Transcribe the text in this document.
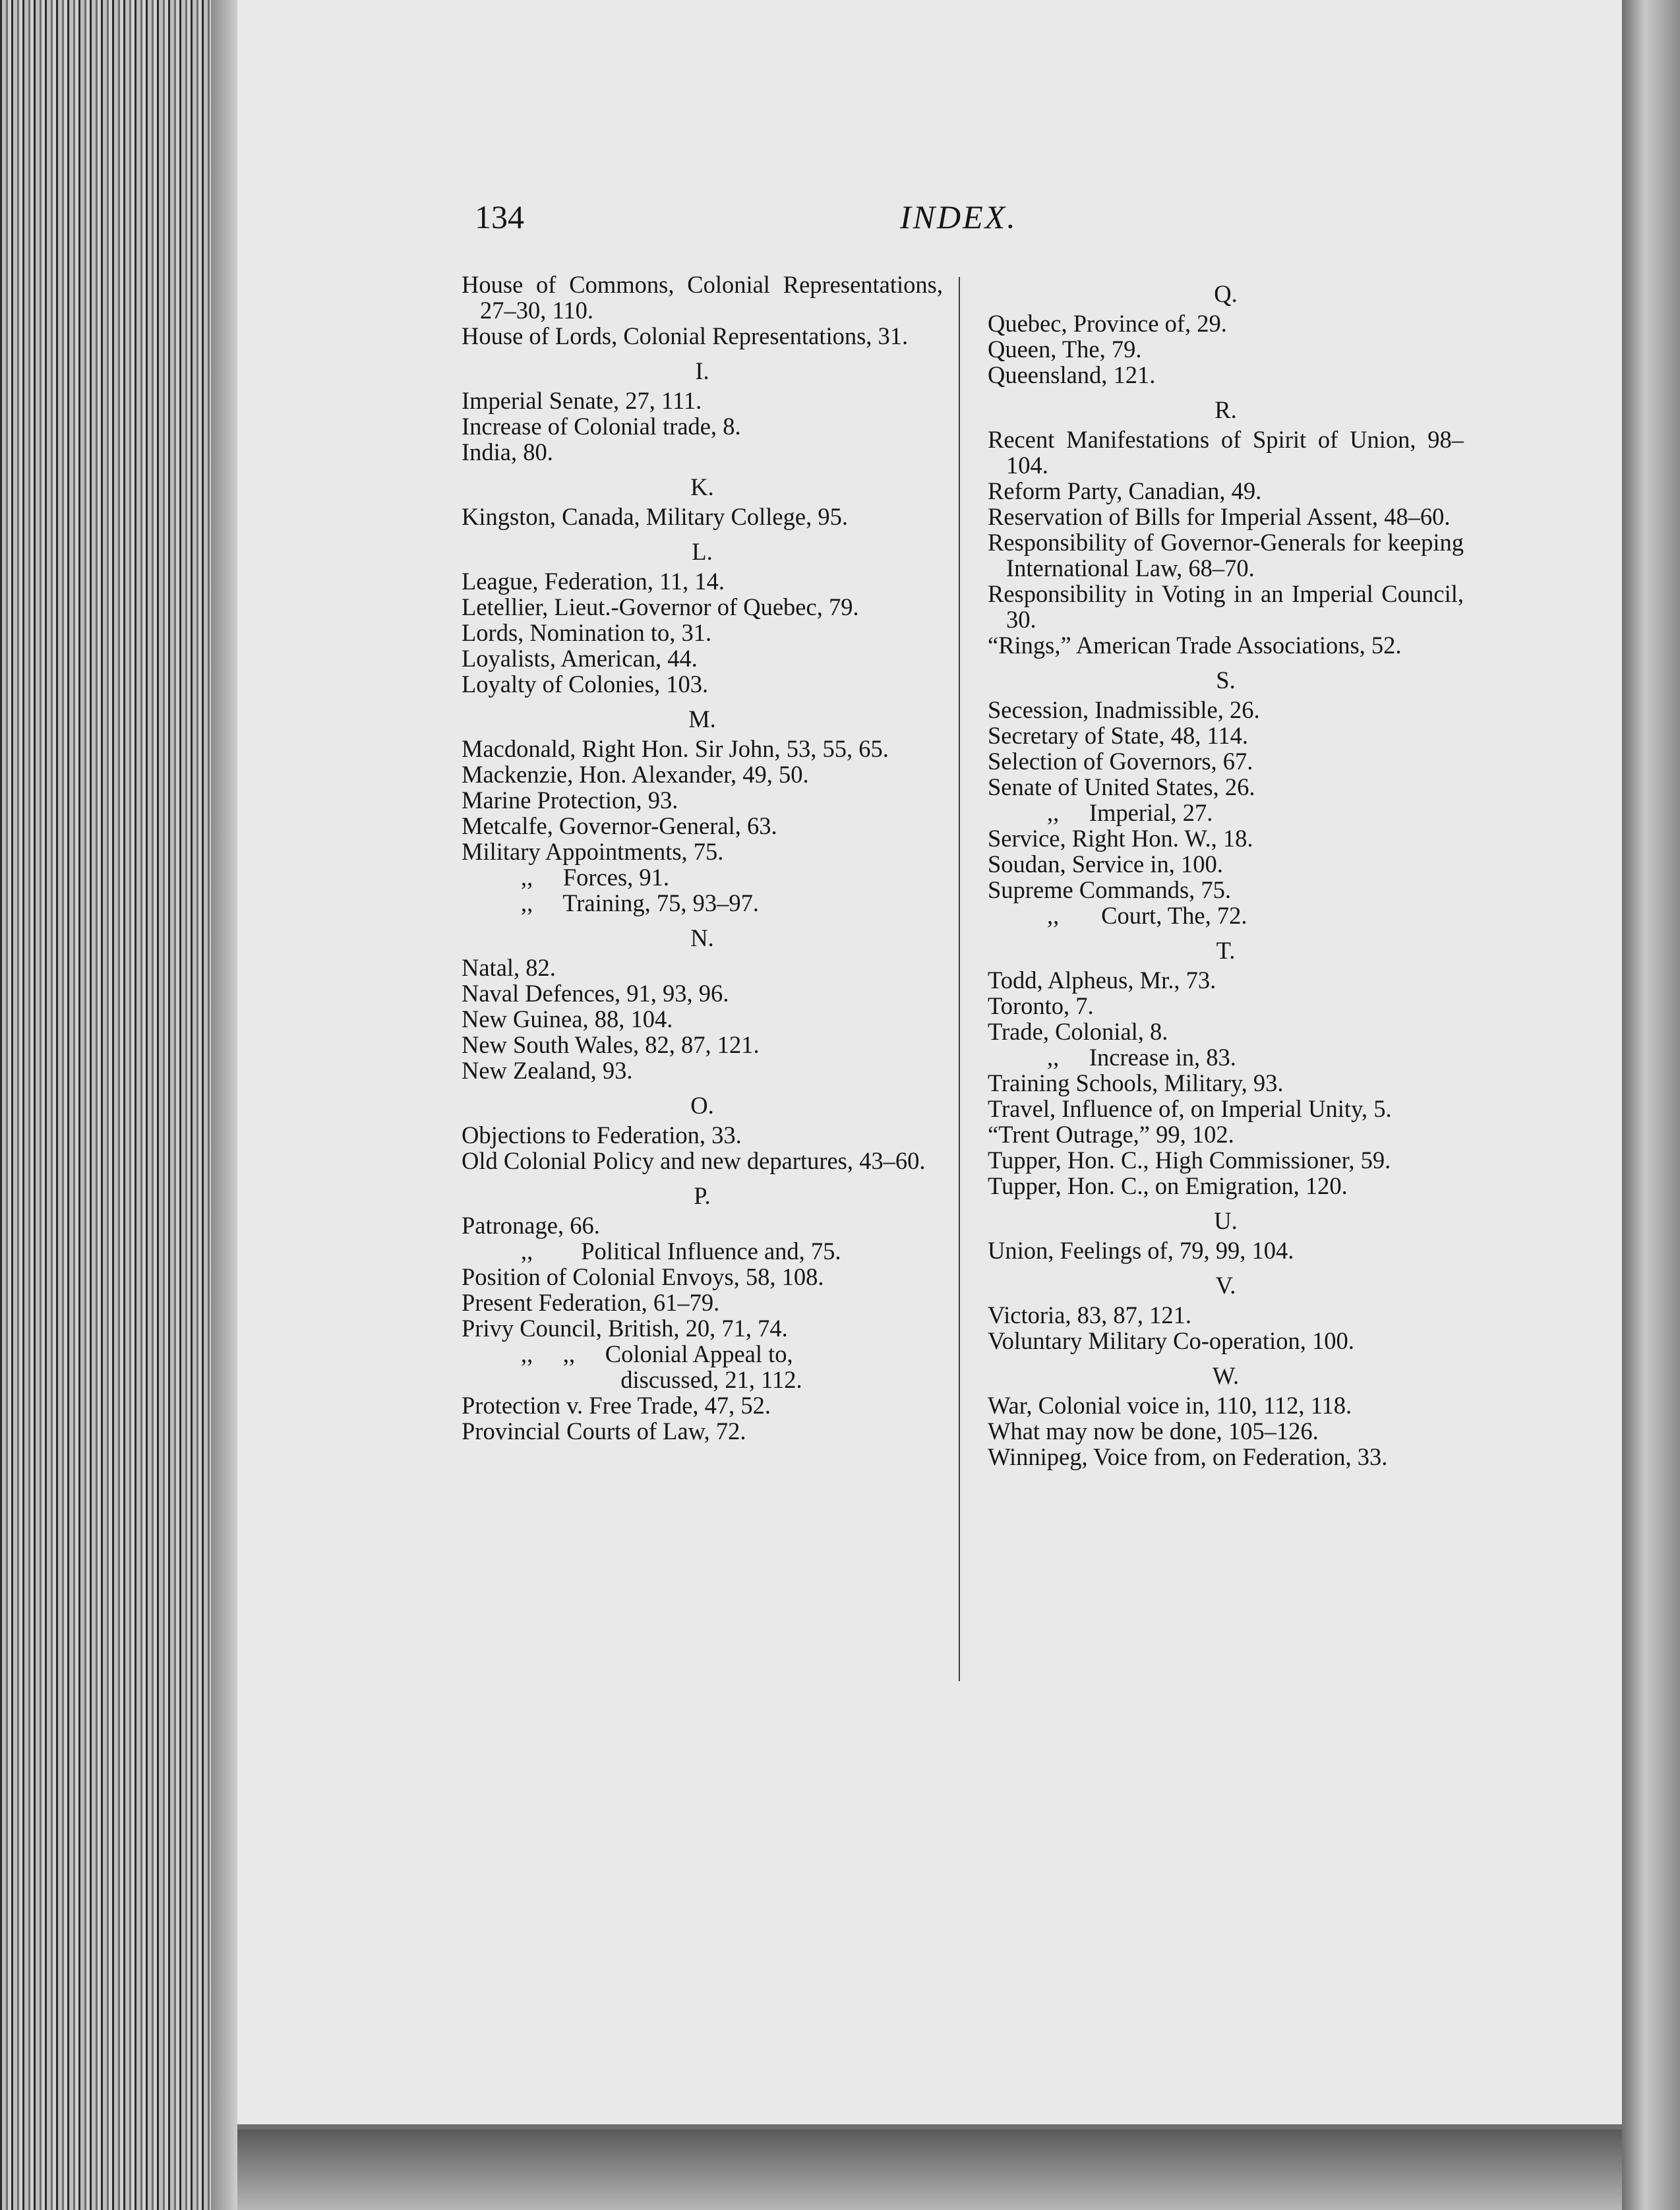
134	INDEX.
House of Commons, Colonial Representations, 27–30, 110.
House of Lords, Colonial Representations, 31.
I.
Imperial Senate, 27, 111.
Increase of Colonial trade, 8.
India, 80.
K.
Kingston, Canada, Military College, 95.
L.
League, Federation, 11, 14.
Letellier, Lieut.-Governor of Quebec, 79.
Lords, Nomination to, 31.
Loyalists, American, 44.
Loyalty of Colonies, 103.
M.
Macdonald, Right Hon. Sir John, 53, 55, 65.
Mackenzie, Hon. Alexander, 49, 50.
Marine Protection, 93.
Metcalfe, Governor-General, 63.
Military Appointments, 75.
,,     Forces, 91.
,,     Training, 75, 93–97.
N.
Natal, 82.
Naval Defences, 91, 93, 96.
New Guinea, 88, 104.
New South Wales, 82, 87, 121.
New Zealand, 93.
O.
Objections to Federation, 33.
Old Colonial Policy and new departures, 43–60.
P.
Patronage, 66.
,,        Political Influence and, 75.
Position of Colonial Envoys, 58, 108.
Present Federation, 61–79.
Privy Council, British, 20, 71, 74.
,,     ,,     Colonial Appeal to,
discussed, 21, 112.
Protection v. Free Trade, 47, 52.
Provincial Courts of Law, 72.
Q.
Quebec, Province of, 29.
Queen, The, 79.
Queensland, 121.
R.
Recent Manifestations of Spirit of Union, 98–104.
Reform Party, Canadian, 49.
Reservation of Bills for Imperial Assent, 48–60.
Responsibility of Governor-Generals for keeping International Law, 68–70.
Responsibility in Voting in an Imperial Council, 30.
“Rings,” American Trade Associations, 52.
S.
Secession, Inadmissible, 26.
Secretary of State, 48, 114.
Selection of Governors, 67.
Senate of United States, 26.
,,     Imperial, 27.
Service, Right Hon. W., 18.
Soudan, Service in, 100.
Supreme Commands, 75.
,,       Court, The, 72.
T.
Todd, Alpheus, Mr., 73.
Toronto, 7.
Trade, Colonial, 8.
,,     Increase in, 83.
Training Schools, Military, 93.
Travel, Influence of, on Imperial Unity, 5.
“Trent Outrage,” 99, 102.
Tupper, Hon. C., High Commissioner, 59.
Tupper, Hon. C., on Emigration, 120.
U.
Union, Feelings of, 79, 99, 104.
V.
Victoria, 83, 87, 121.
Voluntary Military Co-operation, 100.
W.
War, Colonial voice in, 110, 112, 118.
What may now be done, 105–126.
Winnipeg, Voice from, on Federation, 33.
